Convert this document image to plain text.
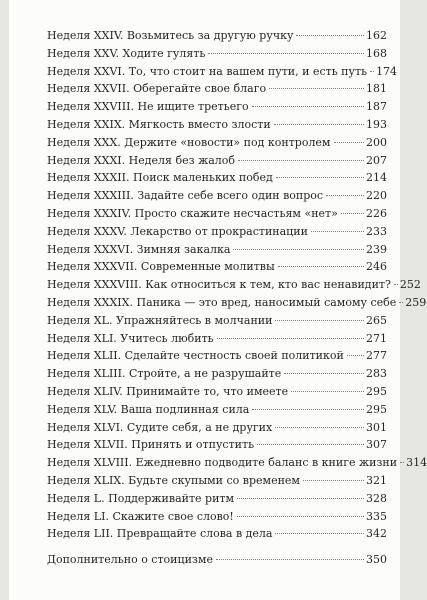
Неделя XXIV. Возьмитесь за другую ручку	162
Неделя XXV. Ходите гулять	168
Неделя XXVI. То, что стоит на вашем пути, и есть путь 174
Неделя XXVII. Оберегайте свое благо	181
Неделя XXVIII. Не ищите третьего	187
Неделя XXIX. Мягкость вместо злости	193
Неделя XXX. Держите «новости» под контролем	200
Неделя XXXI. Неделя без жалоб	207
Неделя XXXII. Поиск маленьких побед	214
Неделя XXXIII. Задайте себе всего один вопрос	220
Неделя XXXIV. Просто скажите несчастьям «нет»	226
Неделя XXXV. Лекарство от прокрастинации	233
Неделя XXXVI. Зимняя закалка	239
Неделя XXXVII. Современные молитвы	246
Неделя XXXVIII. Как относиться к тем, кто вас ненавидит? 252
Неделя XXXIX. Паника — это вред, наносимый самому себе 259
Неделя XL. Упражняйтесь в молчании	265
Неделя XLI. Учитесь любить	271
Неделя XLII. Сделайте честность своей политикой 277
Неделя XLIII. Стройте, а не разрушайте	283
Неделя XLIV. Принимайте то, что имеете	295
Неделя XLV. Ваша подлинная сила	295
Неделя XLVI. Судите себя, а не других	301
Неделя XLVII. Принять и отпустить	307
Неделя XLVIII. Ежедневно подводите баланс в книге жизни 314
Неделя XLIX. Будьте скупыми со временем	321
Неделя L. Поддерживайте ритм	328
Неделя LI. Скажите свое слово!	335
Неделя LII. Превращайте слова в дела	342
Дополнительно о стоицизме	350
